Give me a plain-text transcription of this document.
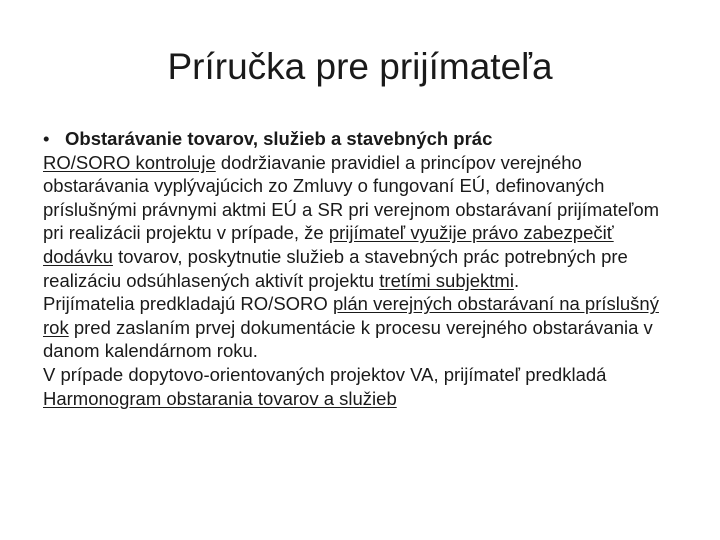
Príručka pre prijímateľa

• Obstarávanie tovarov, služieb a stavebných prác

RO/SORO kontroluje dodržiavanie pravidiel a princípov verejného obstarávania vyplývajúcich zo Zmluvy o fungovaní EÚ, definovaných príslušnými právnymi aktmi EÚ a SR pri verejnom obstarávaní prijímateľom pri realizácii projektu v prípade, že prijímateľ využije právo zabezpečiť dodávku tovarov, poskytnutie služieb a stavebných prác potrebných pre realizáciu odsúhlasených aktivít projektu tretími subjektmi.

Prijímatelia predkladajú RO/SORO plán verejných obstarávaní na príslušný rok pred zaslaním prvej dokumentácie k procesu verejného obstarávania v danom kalendárnom roku.

V prípade dopytovo-orientovaných projektov VA, prijímateľ predkladá Harmonogram obstarania tovarov a služieb
